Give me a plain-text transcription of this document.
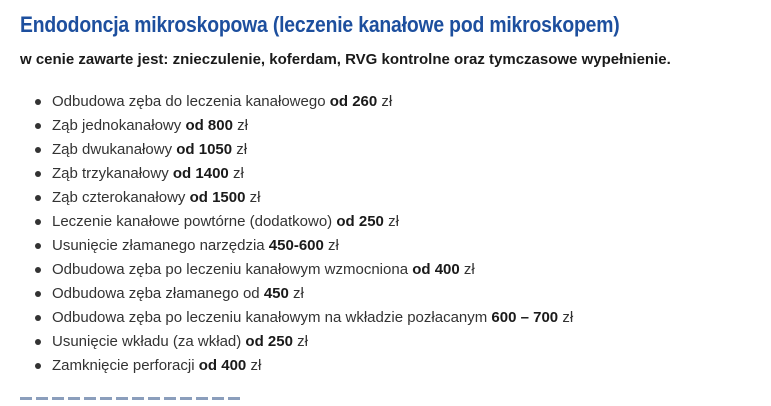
Endodoncja mikroskopowa (leczenie kanałowe pod mikroskopem)

w cenie zawarte jest: znieczulenie, koferdam, RVG kontrolne oraz tymczasowe wypełnienie.

Odbudowa zęba do leczenia kanałowego od 260 zł
Ząb jednokanałowy od 800 zł
Ząb dwukanałowy od 1050 zł
Ząb trzykanałowy od 1400 zł
Ząb czterokanałowy od 1500 zł
Leczenie kanałowe powtórne (dodatkowo) od 250 zł
Usunięcie złamanego narzędzia 450-600 zł
Odbudowa zęba po leczeniu kanałowym wzmocniona od 400 zł
Odbudowa zęba złamanego od 450 zł
Odbudowa zęba po leczeniu kanałowym na wkładzie pozłacanym 600 – 700 zł
Usunięcie wkładu (za wkład) od 250 zł
Zamknięcie perforacji od 400 zł
